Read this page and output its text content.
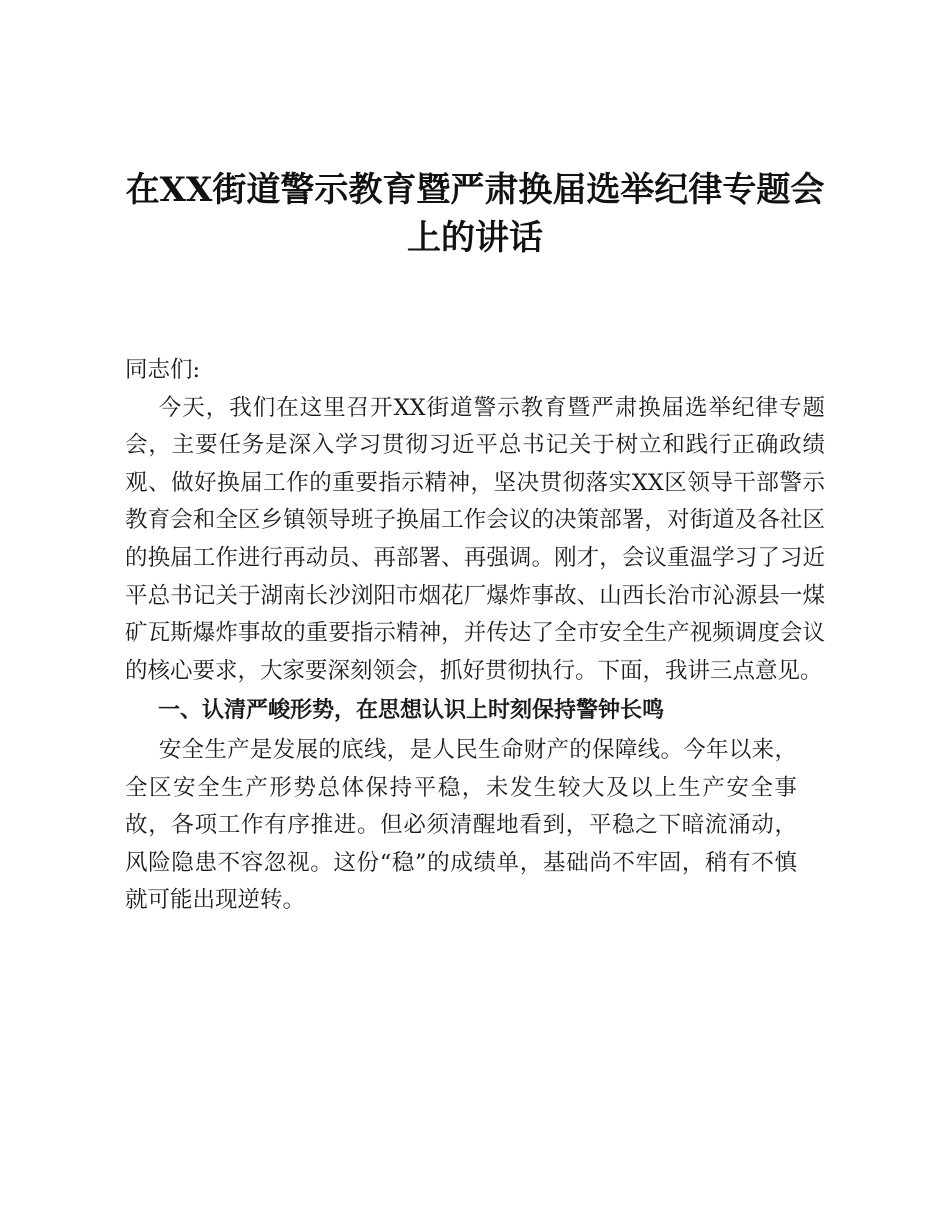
在XX街道警示教育暨严肃换届选举纪律专题会上的讲话

同志们:

今天，我们在这里召开XX街道警示教育暨严肃换届选举纪律专题会，主要任务是深入学习贯彻习近平总书记关于树立和践行正确政绩观、做好换届工作的重要指示精神，坚决贯彻落实XX区领导干部警示教育会和全区乡镇领导班子换届工作会议的决策部署，对街道及各社区的换届工作进行再动员、再部署、再强调。刚才，会议重温学习了习近平总书记关于湖南长沙浏阳市烟花厂爆炸事故、山西长治市沁源县一煤矿瓦斯爆炸事故的重要指示精神，并传达了全市安全生产视频调度会议的核心要求，大家要深刻领会，抓好贯彻执行。下面，我讲三点意见。

一、认清严峻形势，在思想认识上时刻保持警钟长鸣

安全生产是发展的底线，是人民生命财产的保障线。今年以来，全区安全生产形势总体保持平稳，未发生较大及以上生产安全事故，各项工作有序推进。但必须清醒地看到，平稳之下暗流涌动，风险隐患不容忽视。这份“稳”的成绩单，基础尚不牢固，稍有不慎就可能出现逆转。
